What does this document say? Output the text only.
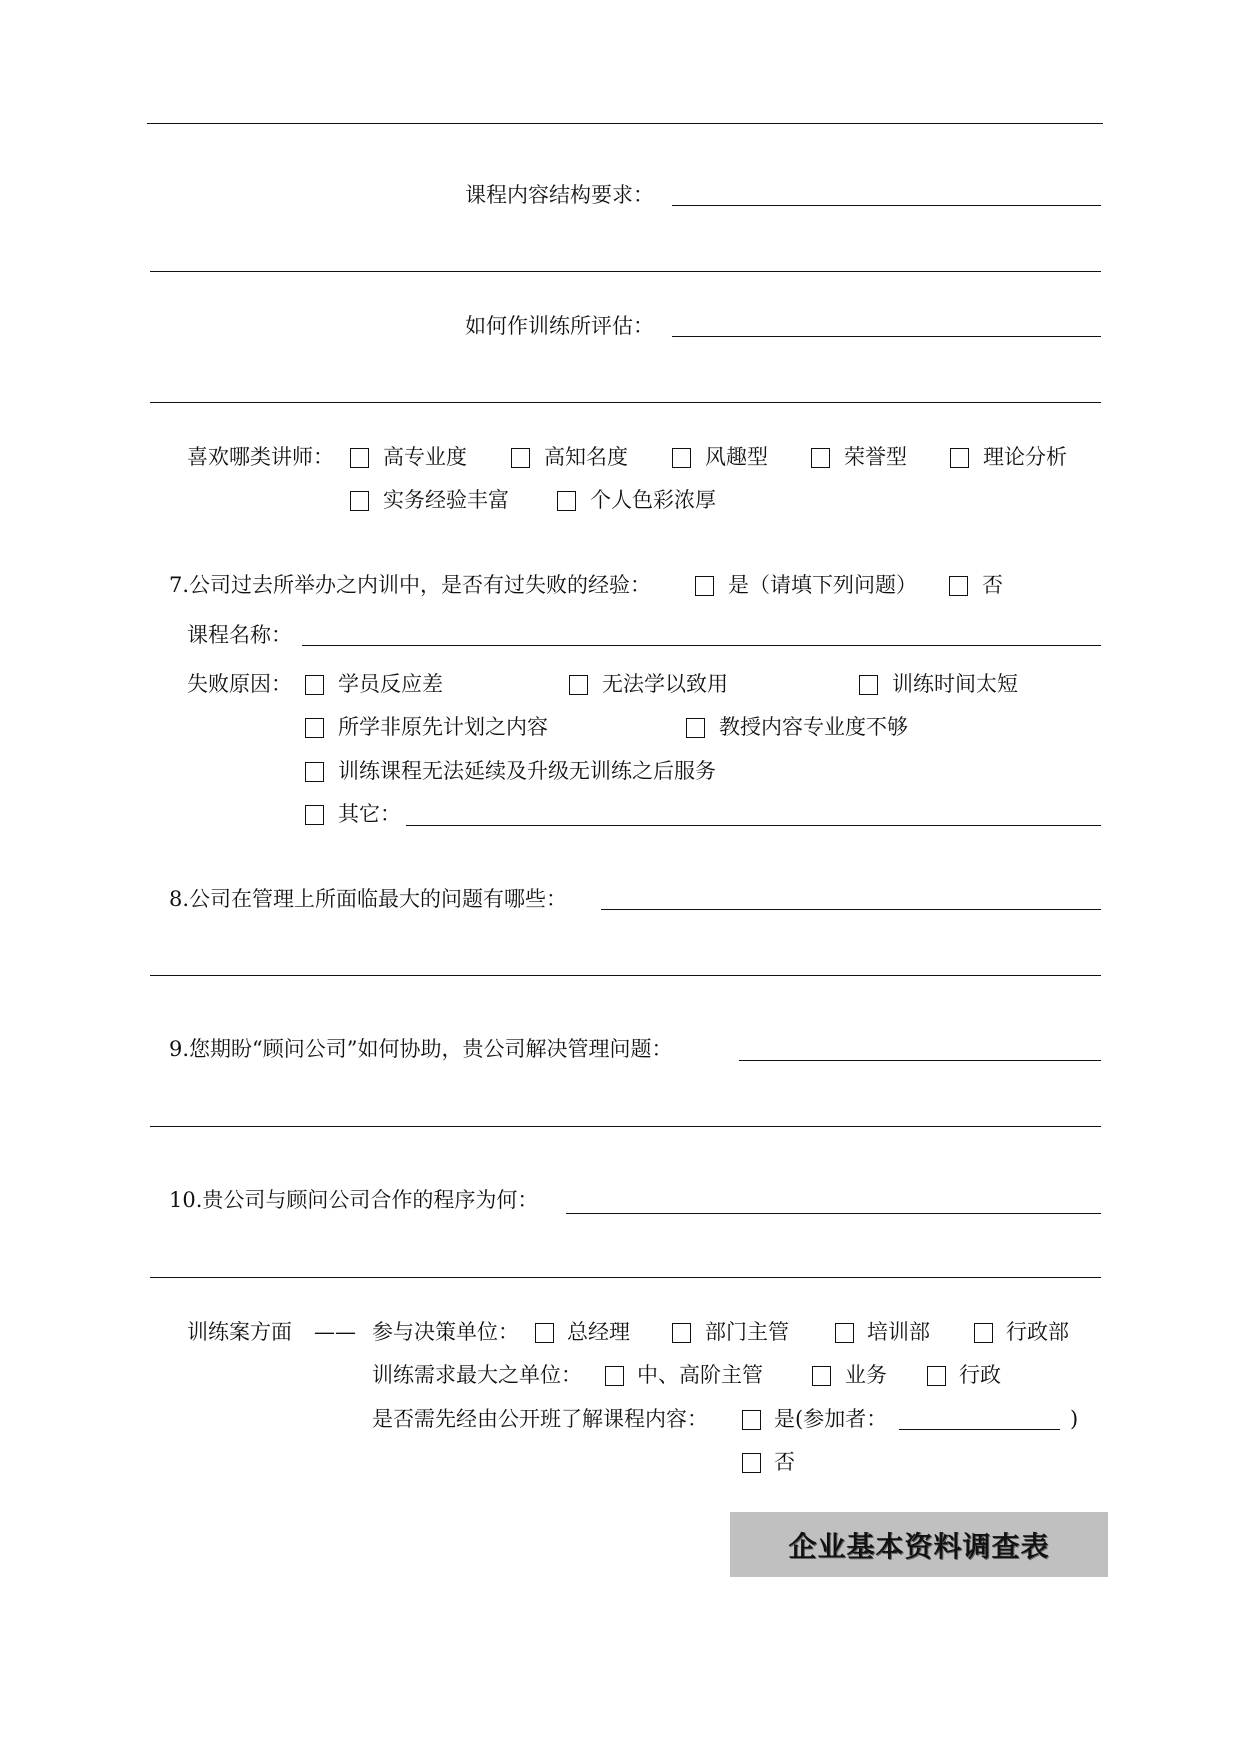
课程内容结构要求：
如何作训练所评估：
喜欢哪类讲师： 高专业度	高知名度	风趣型	荣誉型	理论分析
实务经验丰富	个人色彩浓厚
7.公司过去所举办之内训中，是否有过失败的经验：	是（请填下列问题）	否
课程名称：
失败原因： 学员反应差	无法学以致用	训练时间太短
所学非原先计划之内容	教授内容专业度不够
训练课程无法延续及升级无训练之后服务
其它：
8.公司在管理上所面临最大的问题有哪些：
9.您期盼“顾问公司”如何协助，贵公司解决管理问题：
10.贵公司与顾问公司合作的程序为何：
训练案方面 —— 参与决策单位： 总经理	部门主管	培训部	行政部
训练需求最大之单位：	中、高阶主管	业务	行政
是否需先经由公开班了解课程内容：	是(参加者：	)
否
企业基本资料调查表
